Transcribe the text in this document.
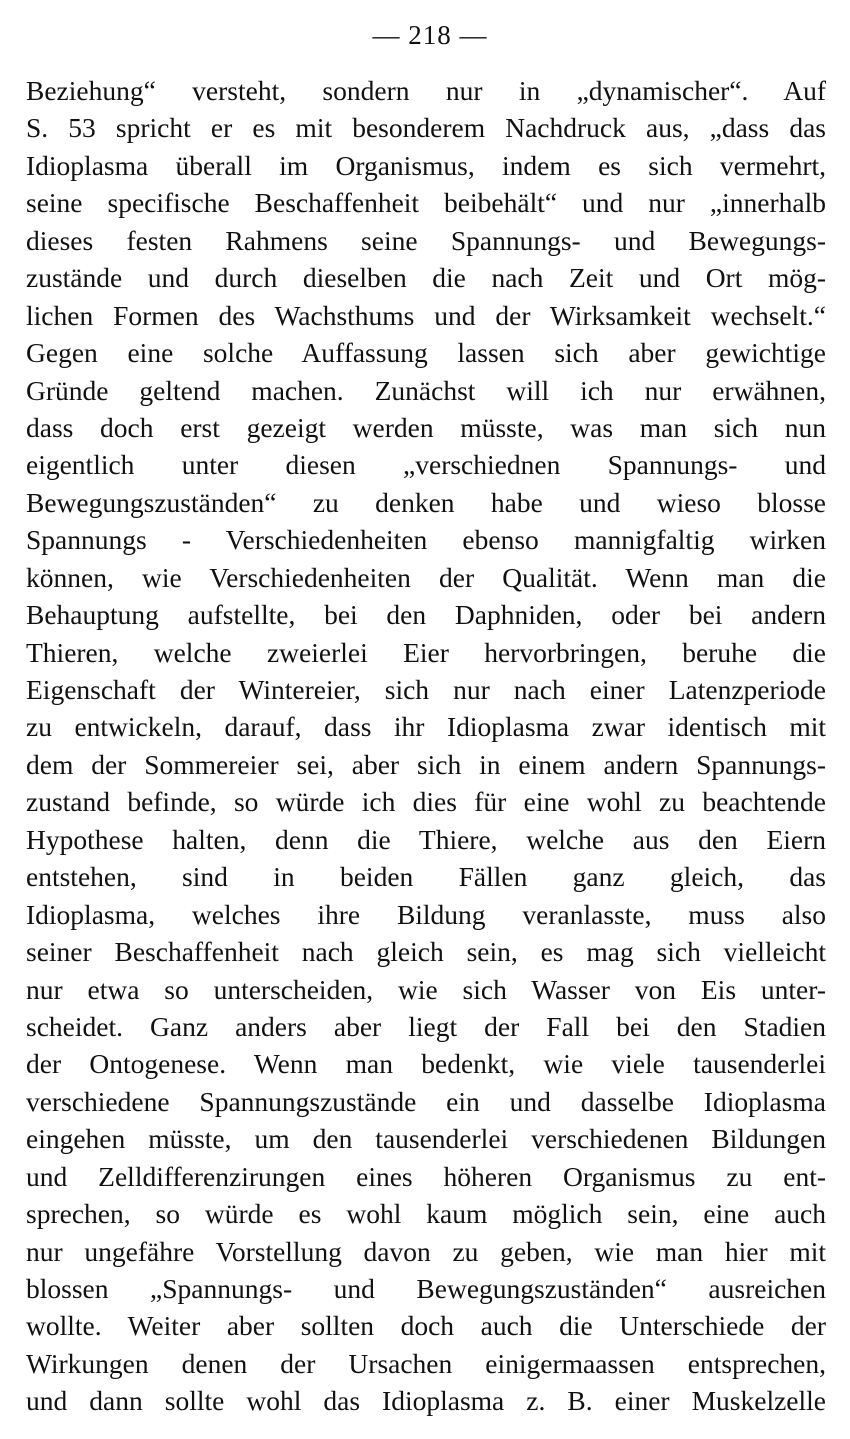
— 218 —
Beziehung“ versteht, sondern nur in „dynamischer“. Auf
S. 53 spricht er es mit besonderem Nachdruck aus, „dass das
Idioplasma überall im Organismus, indem es sich vermehrt,
seine specifische Beschaffenheit beibehält“ und nur „innerhalb
dieses festen Rahmens seine Spannungs- und Bewegungs-
zustände und durch dieselben die nach Zeit und Ort mög-
lichen Formen des Wachsthums und der Wirksamkeit wechselt.“
Gegen eine solche Auffassung lassen sich aber gewichtige
Gründe geltend machen. Zunächst will ich nur erwähnen,
dass doch erst gezeigt werden müsste, was man sich nun
eigentlich unter diesen „verschiednen Spannungs- und
Bewegungszuständen“ zu denken habe und wieso blosse
Spannungs - Verschiedenheiten ebenso mannigfaltig wirken
können, wie Verschiedenheiten der Qualität. Wenn man die
Behauptung aufstellte, bei den Daphniden, oder bei andern
Thieren, welche zweierlei Eier hervorbringen, beruhe die
Eigenschaft der Wintereier, sich nur nach einer Latenzperiode
zu entwickeln, darauf, dass ihr Idioplasma zwar identisch mit
dem der Sommereier sei, aber sich in einem andern Spannungs-
zustand befinde, so würde ich dies für eine wohl zu beachtende
Hypothese halten, denn die Thiere, welche aus den Eiern
entstehen, sind in beiden Fällen ganz gleich, das
Idioplasma, welches ihre Bildung veranlasste, muss also
seiner Beschaffenheit nach gleich sein, es mag sich vielleicht
nur etwa so unterscheiden, wie sich Wasser von Eis unter-
scheidet. Ganz anders aber liegt der Fall bei den Stadien
der Ontogenese. Wenn man bedenkt, wie viele tausenderlei
verschiedene Spannungszustände ein und dasselbe Idioplasma
eingehen müsste, um den tausenderlei verschiedenen Bildungen
und Zelldifferenzirungen eines höheren Organismus zu ent-
sprechen, so würde es wohl kaum möglich sein, eine auch
nur ungefähre Vorstellung davon zu geben, wie man hier mit
blossen „Spannungs- und Bewegungszuständen“ ausreichen
wollte. Weiter aber sollten doch auch die Unterschiede der
Wirkungen denen der Ursachen einigermaassen entsprechen,
und dann sollte wohl das Idioplasma z. B. einer Muskelzelle
